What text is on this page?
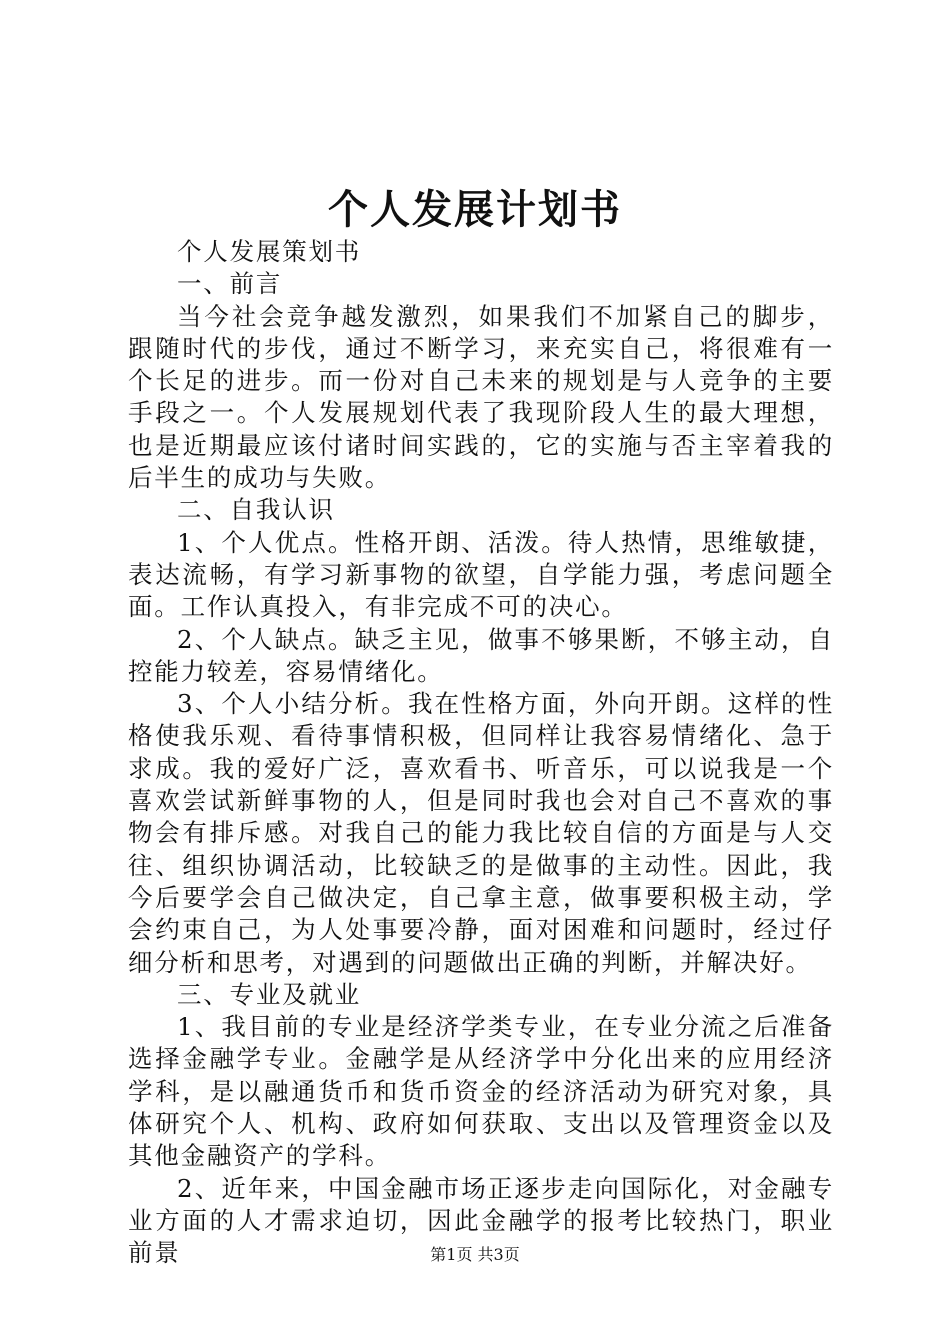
个人发展计划书

个人发展策划书

一、前言

当今社会竞争越发激烈，如果我们不加紧自己的脚步，跟随时代的步伐，通过不断学习，来充实自己，将很难有一个长足的进步。而一份对自己未来的规划是与人竞争的主要手段之一。个人发展规划代表了我现阶段人生的最大理想，也是近期最应该付诸时间实践的，它的实施与否主宰着我的后半生的成功与失败。

二、自我认识

1、个人优点。性格开朗、活泼。待人热情，思维敏捷，表达流畅，有学习新事物的欲望，自学能力强，考虑问题全面。工作认真投入，有非完成不可的决心。

2、个人缺点。缺乏主见，做事不够果断，不够主动，自控能力较差，容易情绪化。

3、个人小结分析。我在性格方面，外向开朗。这样的性格使我乐观、看待事情积极，但同样让我容易情绪化、急于求成。我的爱好广泛，喜欢看书、听音乐，可以说我是一个喜欢尝试新鲜事物的人，但是同时我也会对自己不喜欢的事物会有排斥感。对我自己的能力我比较自信的方面是与人交往、组织协调活动，比较缺乏的是做事的主动性。因此，我今后要学会自己做决定，自己拿主意，做事要积极主动，学会约束自己，为人处事要冷静，面对困难和问题时，经过仔细分析和思考，对遇到的问题做出正确的判断，并解决好。

三、专业及就业

1、我目前的专业是经济学类专业，在专业分流之后准备选择金融学专业。金融学是从经济学中分化出来的应用经济学科，是以融通货币和货币资金的经济活动为研究对象，具体研究个人、机构、政府如何获取、支出以及管理资金以及其他金融资产的学科。

2、近年来，中国金融市场正逐步走向国际化，对金融专业方面的人才需求迫切，因此金融学的报考比较热门，职业前景	第1页 共3页
